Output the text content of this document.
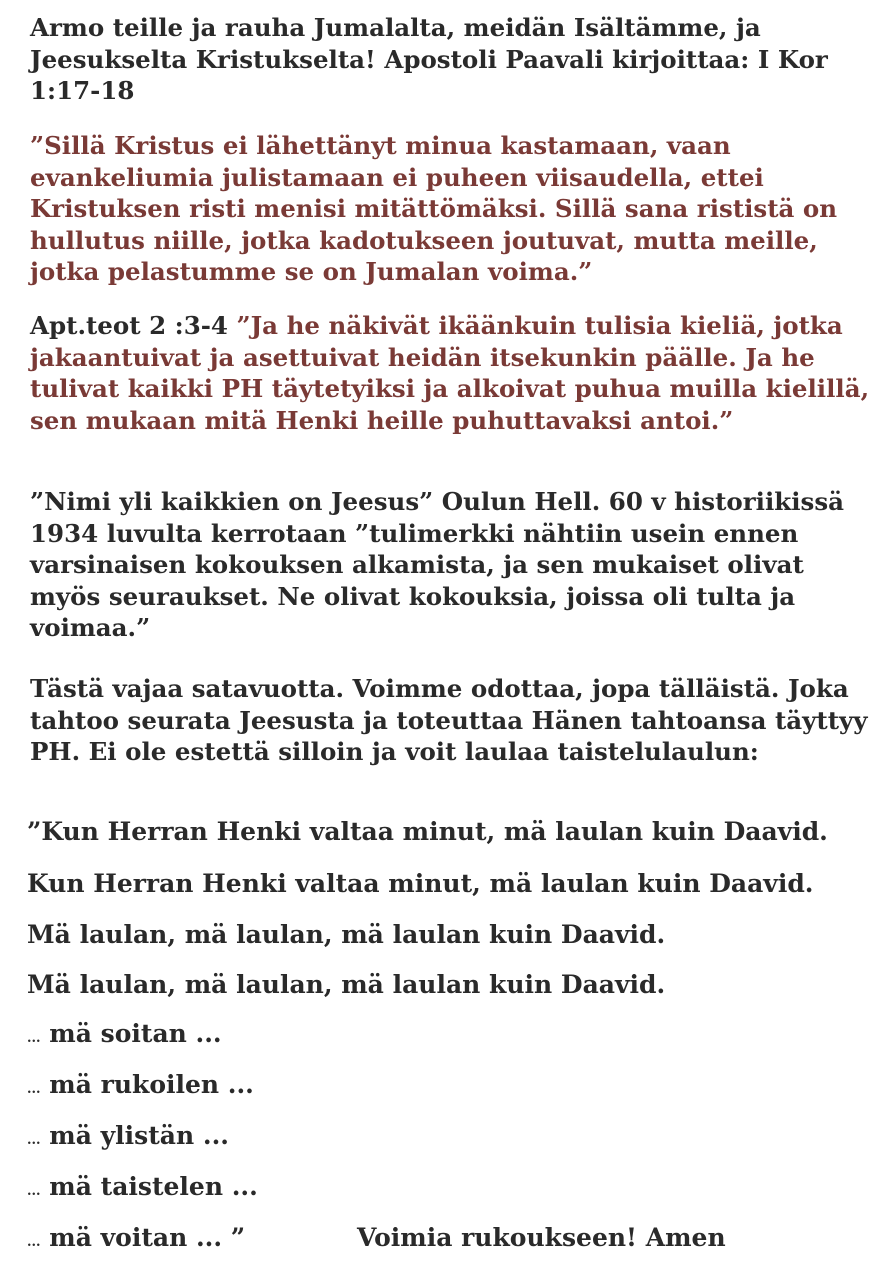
Armo teille ja rauha Jumalalta, meidän Isältämme, ja Jeesukselta Kristukselta! Apostoli Paavali kirjoittaa: I Kor 1:17-18

”Sillä Kristus ei lähettänyt minua kastamaan, vaan evankeliumia julistamaan ei puheen viisaudella, ettei Kristuksen risti menisi mitättömäksi. Sillä sana rististä on hullutus niille, jotka kadotukseen joutuvat, mutta meille, jotka pelastumme se on Jumalan voima.”

Apt.teot 2 :3-4 ”Ja he näkivät ikäänkuin tulisia kieliä, jotka jakaantuivat ja asettuivat heidän itsekunkin päälle. Ja he tulivat kaikki PH täytetyiksi ja alkoivat puhua muilla kielillä, sen mukaan mitä Henki heille puhuttavaksi antoi.”

”Nimi yli kaikkien on Jeesus” Oulun Hell. 60 v historiikissä 1934 luvulta kerrotaan ”tulimerkki nähtiin usein ennen varsinaisen kokouksen alkamista, ja sen mukaiset olivat myös seuraukset. Ne olivat kokouksia, joissa oli tulta ja voimaa.”

Tästä vajaa satavuotta. Voimme odottaa, jopa tälläistä. Joka tahtoo seurata Jeesusta ja toteuttaa Hänen tahtoansa täyttyy PH. Ei ole estettä silloin ja voit laulaa taistelulaulun:

”Kun Herran Henki valtaa minut, mä laulan kuin Daavid.

Kun Herran Henki valtaa minut, mä laulan kuin Daavid.

Mä laulan, mä laulan, mä laulan kuin Daavid.

Mä laulan, mä laulan, mä laulan kuin Daavid.

... mä soitan ...

... mä rukoilen ...

... mä ylistän ...

... mä taistelen ...

... mä voitan ... ”	Voimia rukoukseen! Amen
